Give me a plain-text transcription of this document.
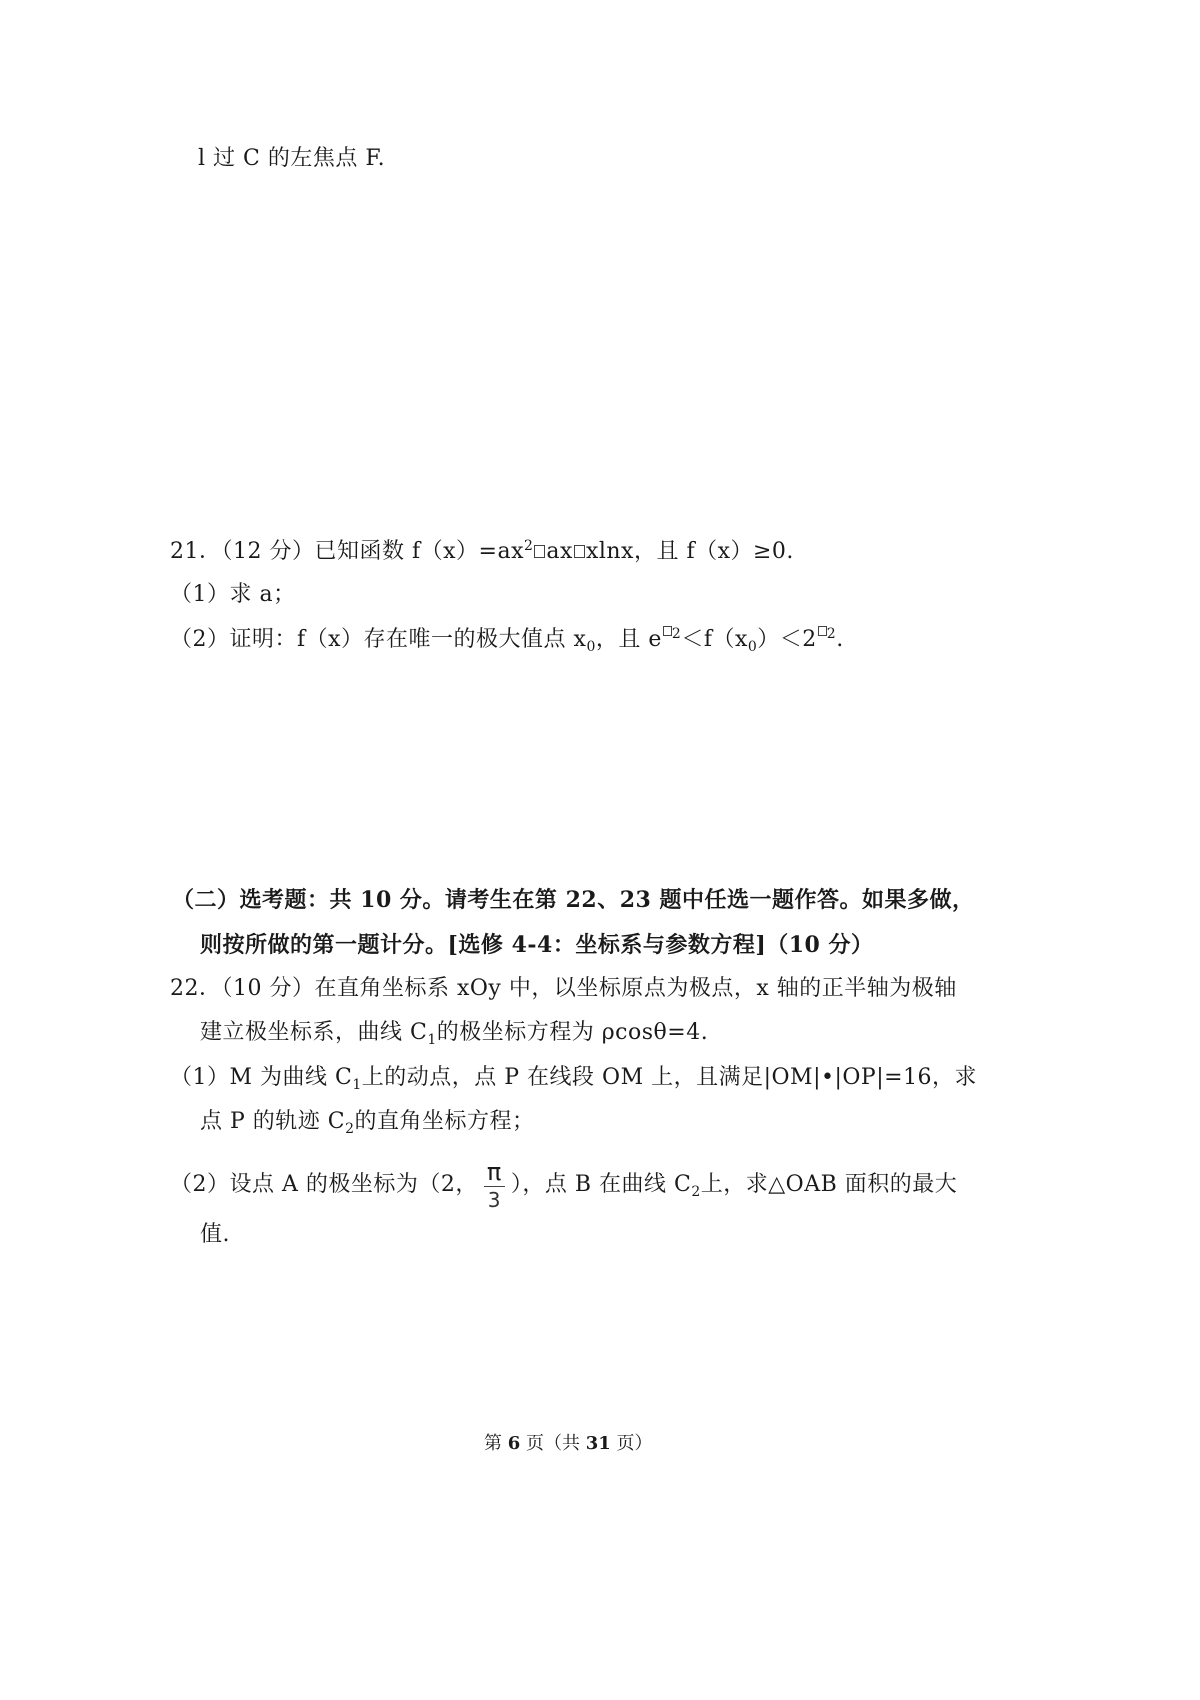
l 过 C 的左焦点 F.
21．（12 分）已知函数 $f(x)=ax^2$ ax xlnx，且 f（x）≥0.
（1）求 a；
（2）证明：f（x）存在唯一的极大值点 $x_0$，且 e $^2<f(x_0)<2$ $^2$.
（二）选考题：共 10 分。请考生在第 22、23 题中任选一题作答。如果多做，
则按所做的第一题计分。[选修 4-4：坐标系与参数方程]（10 分）
22．（10 分）在直角坐标系 xOy 中，以坐标原点为极点，x 轴的正半轴为极轴
建立极坐标系，曲线 $C_1$的极坐标方程为 ρcosθ=4.
（1）M 为曲线 $C_1$上的动点，点 P 在线段 OM 上，且满足|OM|•|OP|=16，求
点 P 的轨迹 $C_2$的直角坐标方程；
（2）设点 A 的极坐标为（2， $\frac{\pi}{3}$ ），点 B 在曲线 $C_2$上，求△OAB 面积的最大
值.
第 6 页（共 31 页）
